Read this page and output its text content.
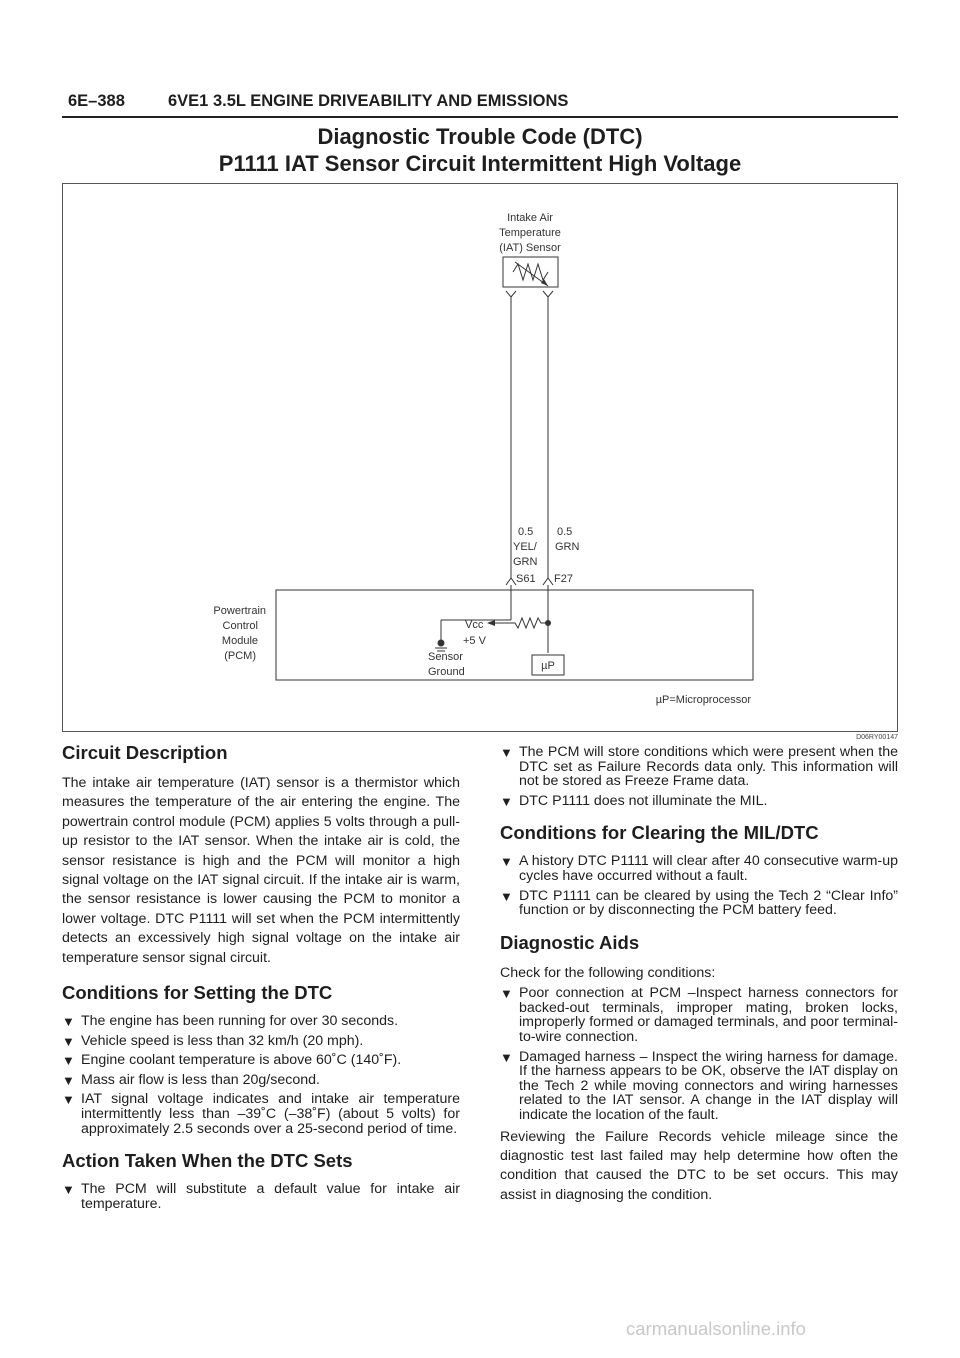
6E–388	6VE1 3.5L ENGINE DRIVEABILITY AND EMISSIONS
Diagnostic Trouble Code (DTC)
P1111 IAT Sensor Circuit Intermittent High Voltage
Intake Air
Temperature
(IAT) Sensor
0.5
YEL/
GRN
0.5
GRN
S61 F27
Powertrain
Control
Module
(PCM)
Vcc
+5 V
Sensor
Ground	µP
µP=Microprocessor
D06RY00147
Circuit Description

The intake air temperature (IAT) sensor is a thermistor which measures the temperature of the air entering the engine. The powertrain control module (PCM) applies 5 volts through a pull-up resistor to the IAT sensor. When the intake air is cold, the sensor resistance is high and the PCM will monitor a high signal voltage on the IAT signal circuit. If the intake air is warm, the sensor resistance is lower causing the PCM to monitor a lower voltage. DTC P1111 will set when the PCM intermittently detects an excessively high signal voltage on the intake air temperature sensor signal circuit.

Conditions for Setting the DTC
▼ The engine has been running for over 30 seconds.
▼ Vehicle speed is less than 32 km/h (20 mph).
▼ Engine coolant temperature is above 60˚C (140˚F).
▼ Mass air flow is less than 20g/second.
▼ IAT signal voltage indicates and intake air temperature intermittently less than –39˚C (–38˚F) (about 5 volts) for approximately 2.5 seconds over a 25-second period of time.
Action Taken When the DTC Sets
▼ The PCM will substitute a default value for intake air temperature.
▼ The PCM will store conditions which were present when the DTC set as Failure Records data only. This information will not be stored as Freeze Frame data.
▼ DTC P1111 does not illuminate the MIL.
Conditions for Clearing the MIL/DTC
▼ A history DTC P1111 will clear after 40 consecutive warm-up cycles have occurred without a fault.
▼ DTC P1111 can be cleared by using the Tech 2 “Clear Info” function or by disconnecting the PCM battery feed.
Diagnostic Aids

Check for the following conditions:

▼ Poor connection at PCM –Inspect harness connectors for backed-out terminals, improper mating, broken locks, improperly formed or damaged terminals, and poor terminal-to-wire connection.
▼ Damaged harness – Inspect the wiring harness for damage. If the harness appears to be OK, observe the IAT display on the Tech 2 while moving connectors and wiring harnesses related to the IAT sensor. A change in the IAT display will indicate the location of the fault.

Reviewing the Failure Records vehicle mileage since the diagnostic test last failed may help determine how often the condition that caused the DTC to be set occurs. This may assist in diagnosing the condition.

carmanualsonline.info
